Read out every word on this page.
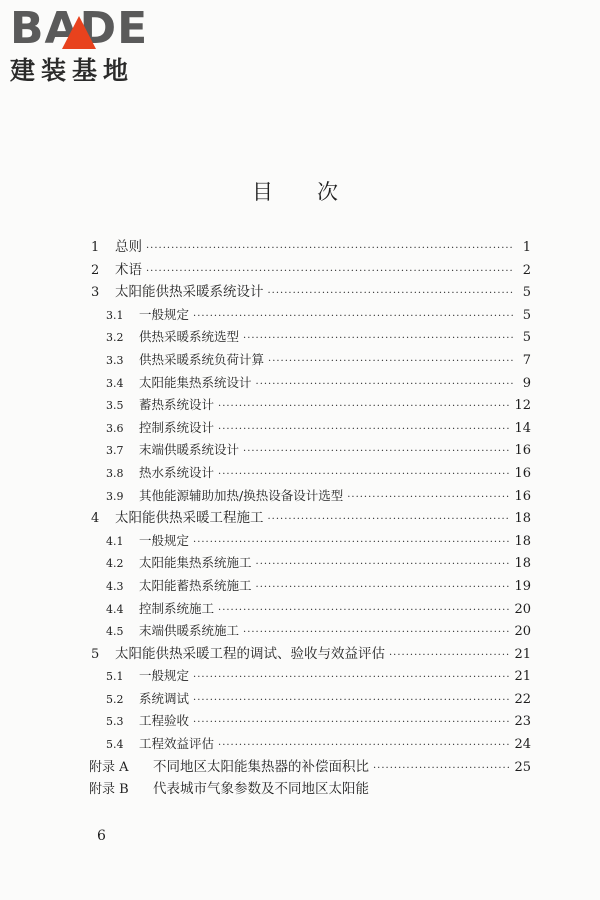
BADE
建装基地
目次
1	总则 ·····	1
2	术语 ·····	2
3	太阳能供热采暖系统设计 ·····	5
3.1	一般规定 ·····	5
3.2	供热采暖系统选型 ·····	5
3.3	供热采暖系统负荷计算 ·····	7
3.4	太阳能集热系统设计 ·····	9
3.5	蓄热系统设计 ·····	12
3.6	控制系统设计 ·····	14
3.7	末端供暖系统设计 ·····	16
3.8	热水系统设计 ·····	16
3.9	其他能源辅助加热/换热设备设计选型 ·····	16
4	太阳能供热采暖工程施工 ·····	18
4.1	一般规定 ·····	18
4.2	太阳能集热系统施工 ·····	18
4.3	太阳能蓄热系统施工 ·····	19
4.4	控制系统施工 ·····	20
4.5	末端供暖系统施工 ·····	20
5	太阳能供热采暖工程的调试、验收与效益评估 ·····	21
5.1	一般规定 ·····	21
5.2	系统调试 ·····	22
5.3	工程验收 ·····	23
5.4	工程效益评估 ·····	24
附录 A	不同地区太阳能集热器的补偿面积比 ·····	25
附录 B	代表城市气象参数及不同地区太阳能
6
